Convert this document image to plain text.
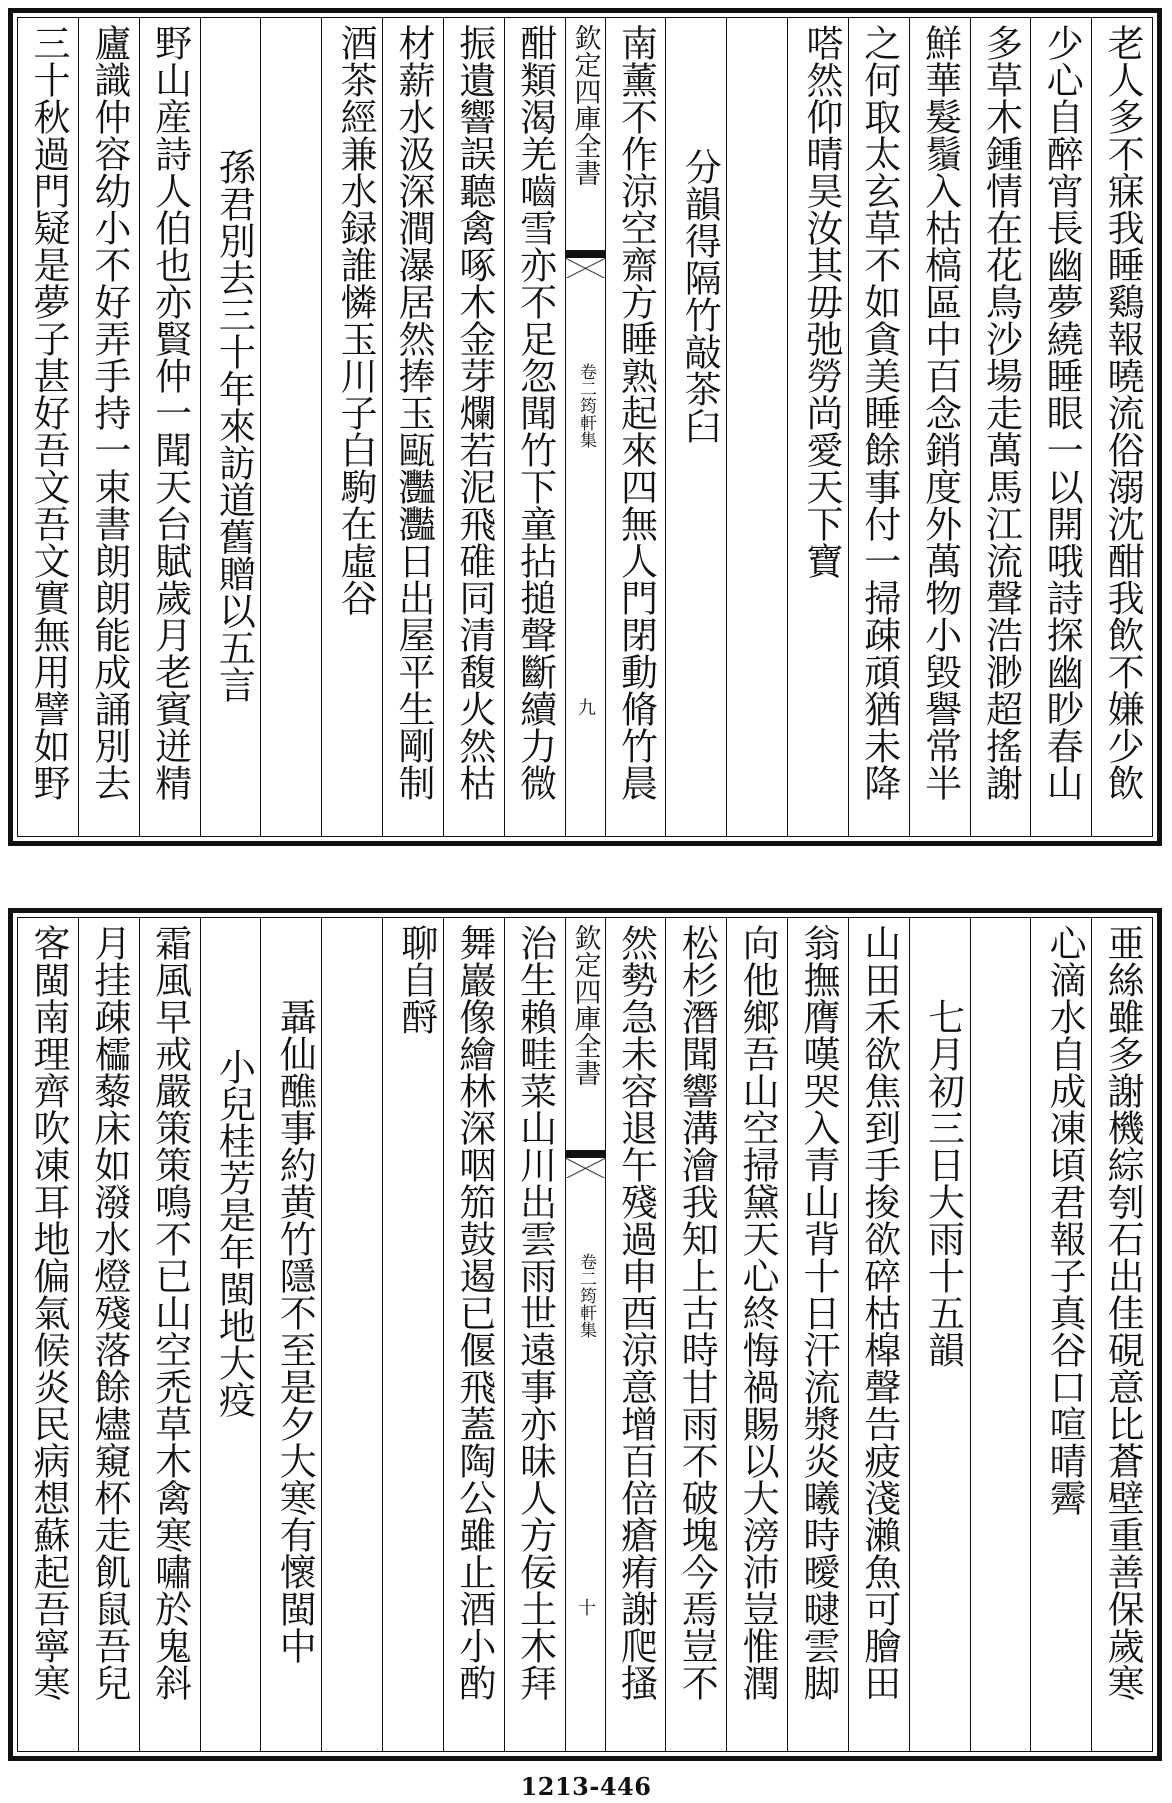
老人多不寐我睡鷄報曉流俗溺沈酣我飲不嫌少飲
少心自醉宵長幽夢繞睡眼一以開哦詩探幽眇春山
多草木鍾情在花鳥沙場走萬馬江流聲浩渺超搖謝
鮮華髮鬚入枯槁區中百念銷度外萬物小毀譽常半
之何取太玄草不如貪美睡餘事付一掃疎頑猶未降
嗒然仰晴昊汝其毋弛勞尚愛天下寶
分韻得隔竹敲茶臼
南薰不作涼空齋方睡熟起來四無人門閉動脩竹晨
欽定四庫全書
筠軒集
卷二
九
酣類渴羌嚙雪亦不足忽聞竹下童拈搥聲斷續力微
振遺響誤聽禽啄木金芽爛若泥飛碓同清馥火然枯
材薪水汲深澗瀑居然捧玉甌灩灩日出屋平生剛制
酒茶經兼水録誰憐玉川子白駒在虛谷
孫君別去三十年來訪道舊贈以五言
野山産詩人伯也亦賢仲一聞天台賦歲月老賓迸精
廬識仲容幼小不好弄手持一束書朗朗能成誦別去
三十秋過門疑是夢子甚好吾文吾文實無用譬如野
亜絲雖多謝機綜刳石出佳硯意比蒼壁重善保歲寒
心滴水自成凍頃君報子真谷口喧晴霽
七月初三日大雨十五韻
山田禾欲焦到手捘欲碎枯槹聲告疲淺瀨魚可膾田
翁撫膺嘆哭入青山背十日汗流漿炎曦時曖曃雲脚
向他鄉吾山空掃黛天心終悔禍賜以大滂沛豈惟潤
松杉潛聞響溝澮我知上古時甘雨不破塊今焉豈不
然勢急未容退午殘過申酉涼意增百倍瘡痏謝爬搔
欽定四庫全書
筠軒集
卷二
十
治生賴畦菜山川出雲雨世遠事亦昧人方佞土木拜
舞巖像繪林深咽笳鼓遏已偃飛蓋陶公雖止酒小酌
聊自酹
聶仙醮事約黄竹隱不至是夕大寒有懷閩中
小兒桂芳是年閩地大疫
霜風早戒嚴策策鳴不已山空禿草木禽寒嘯於鬼斜
月挂疎櫺藜床如潑水燈殘落餘燼窺杯走飢鼠吾兒
客閩南理齊吹凍耳地偏氣候炎民病想蘇起吾寧寒
1213-446
